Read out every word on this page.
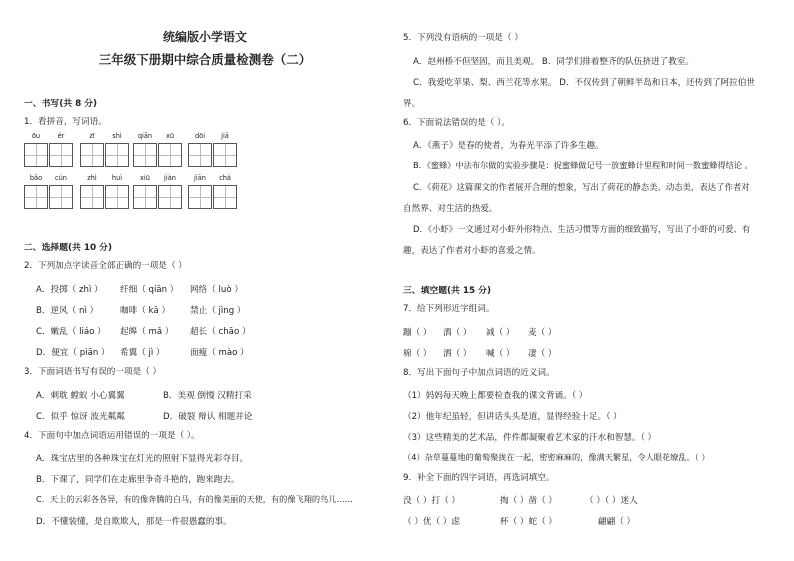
统编版小学语文
三年级下册期中综合质量检测卷（二）
一、书写(共 8 分)
1．看拼音，写词语。
ōu	ér	zī	shì	qiān	xū	dōi	jiā
bǎo	cún	zhì	huì	xiū	jiàn	jiān	chá
二、选择题(共 10 分)
2．下列加点字读音全部正确的一项是（ ）
A．投掷（ zhì ） 纤细（ qiān ） 网络（ luò ）
B．逆风（ nì ）	咖啡（ kā ） 禁止（ jìng ）
C．嫩乱（ liáo ） 起皞（ mǎ ） 超长（ chāo ）
D．便宜（ piān ） 希翼（ jì ）	面瘦（ mào ）
3．下面词语书写有误的一项是（ ）
A．刺耽 螳蚁 小心翼翼	B．美观 倒慢 汉精打采
C．似乎 惊讶 波光粼粼	D．破裂 辩认 相题并论
4．下面句中加点词语运用错误的一项是（ ）。
A．珠宝店里的各种珠宝在灯光的照射下显得光彩夺目。
B．下课了，同学们在走廊里争奇斗艳的，跑来跑去。
C．天上的云彩各各异，有的像奔腾的白马，有的像美丽的天使，有的像飞翔的鸟儿……
D．不懂装懂，是自欺欺人，那是一件很愚蠢的事。
5．下列没有语病的一项是（ ）
A．赵州桥不但坚固，而且美观。 B．同学们排着整齐的队伍挤进了教室。
C．我爱吃苹果、梨、西兰花等水果。 D．不仅传到了朝鲜半岛和日本，还传到了阿拉伯世
界。
6．下面说法错误的是（ ）。
A．《燕子》是春的使者，为春光平添了许多生趣。
B．《蜜蜂》中法布尔做的实验步骤是：捉蜜蜂做记号一放蜜蜂计里程和时间一数蜜蜂得结论 。
C．《荷花》这篇课文的作者展开合理的想象，写出了荷花的静态美、动态美，表达了作者对
自然界、对生活的热爱。
D．《小虾》一文通过对小虾外形特点、生活习惯等方面的细致描写，写出了小虾的可爱、有
趣，表达了作者对小虾的喜爱之情。
三、填空题(共 15 分)
7．给下列形近字组词。
蹦（ ） 酒（ ） 减（ ） 麦（ ）
棉（ ） 洒（ ） 喊（ ） 凄（ ）
8．写出下面句子中加点词语的近义词。
（1）妈妈每天晚上都要检查我的课文背诵。（ ）
（2）他年纪虽轻，但讲话头头是道，显得经验十足。（ ）
（3）这些精美的艺术品，件件都凝聚着艺术家的汗水和智慧。（ ）
（4）杂草蔓蔓地的葡萄聚拢在一起，密密麻麻的，像满天繁星，令人眼花缭乱。（ ）
9．补全下面的四字词语，再选词填空。
没（ ）打（ ）	掏（ ）凿（ ）	（ ）（ ）迷人
（ ）优（ ）虑	杯（ ）蛇（ ）	翩翩（ ）
